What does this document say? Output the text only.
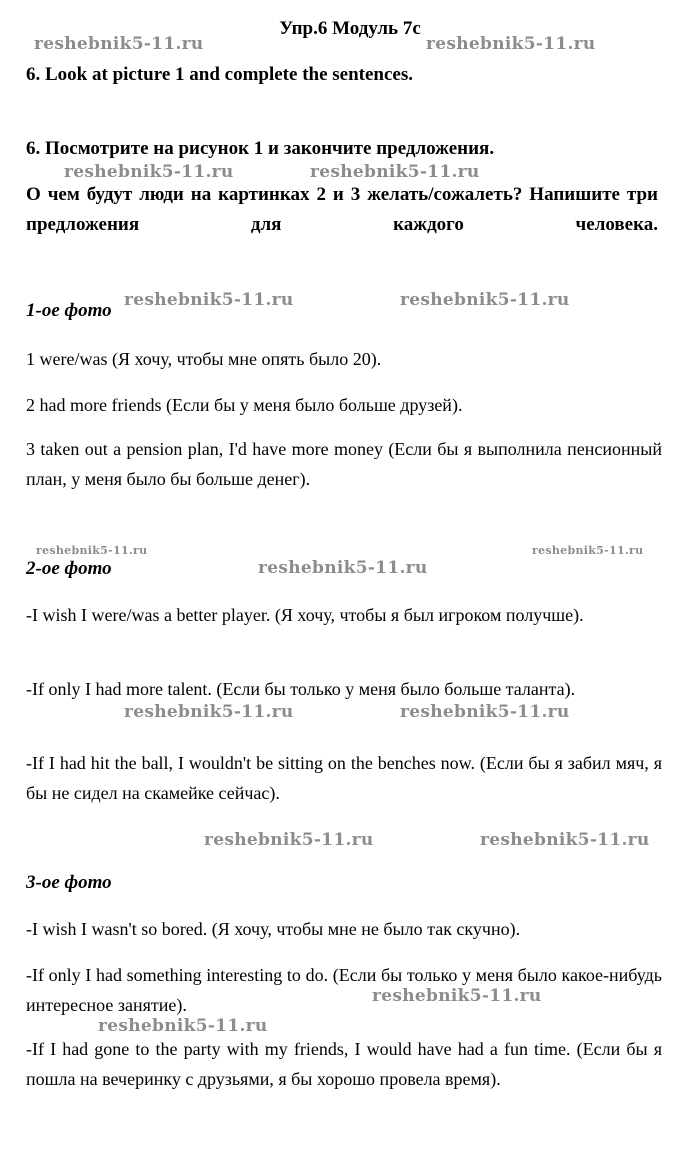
Упр.6 Модуль 7с
6. Look at picture 1 and complete the sentences.
6. Посмотрите на рисунок 1 и закончите предложения.
О чем будут люди на картинках 2 и 3 желать/сожалеть? Напишите три предложения для каждого человека.
1-ое фото
1 were/was (Я хочу, чтобы мне опять было 20).
2 had more friends (Если бы у меня было больше друзей).
3 taken out a pension plan, I'd have more money (Если бы я выполнила пенсионный план, у меня было бы больше денег).
2-ое фото
-I wish I were/was a better player. (Я хочу, чтобы я был игроком получше).
-If only I had more talent. (Если бы только у меня было больше таланта).
-If I had hit the ball, I wouldn't be sitting on the benches now. (Если бы я забил мяч, я бы не сидел на скамейке сейчас).
3-ое фото
-I wish I wasn't so bored. (Я хочу, чтобы мне не было так скучно).
-If only I had something interesting to do. (Если бы только у меня было какое-нибудь интересное занятие).
-If I had gone to the party with my friends, I would have had a fun time. (Если бы я пошла на вечеринку с друзьями, я бы хорошо провела время).
reshebnik5-11.ru	reshebnik5-11.ru
reshebnik5-11.ru	reshebnik5-11.ru
reshebnik5-11.ru	reshebnik5-11.ru
reshebnik5-11.ru	reshebnik5-11.ru
reshebnik5-11.ru
reshebnik5-11.ru	reshebnik5-11.ru
reshebnik5-11.ru	reshebnik5-11.ru
reshebnik5-11.ru
reshebnik5-11.ru
